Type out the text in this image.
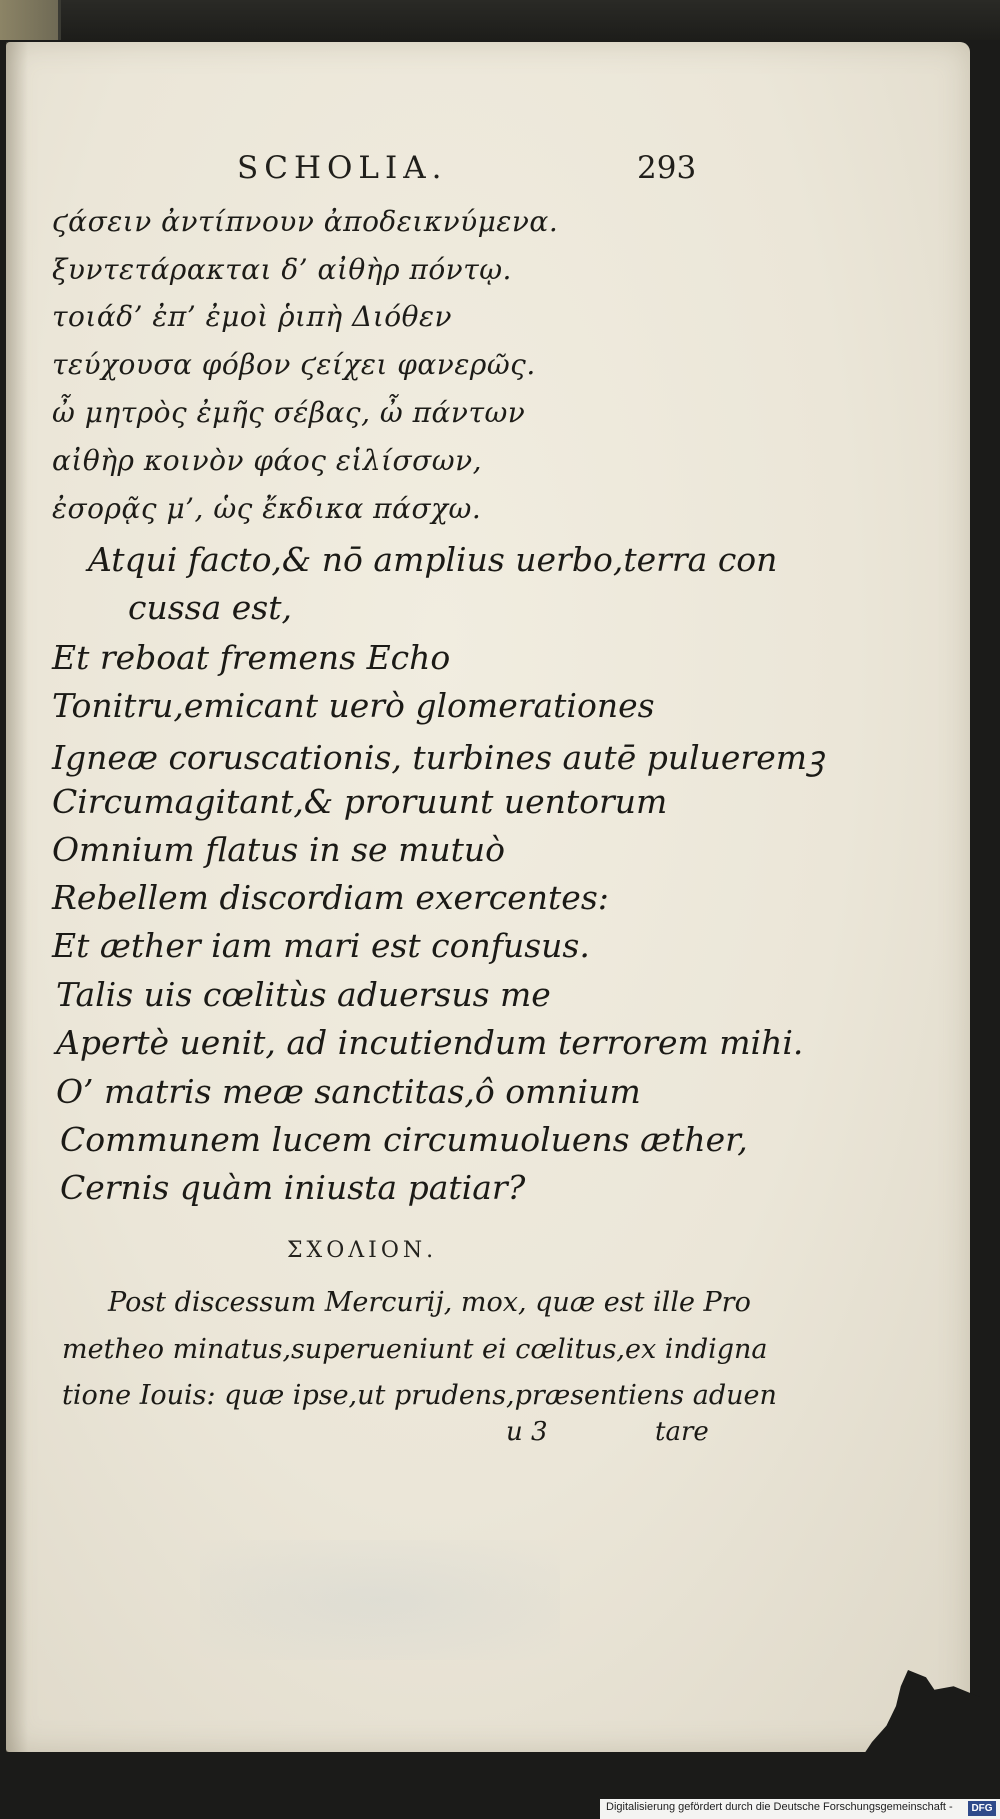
SCHOLIA.	293
ϛάσειν ἀντίπνουν ἀποδεικνύμενα.
ξυντετάρακται δ’ αἰθὴρ πόντῳ.
τοιάδ’ ἐπ’ ἐμοὶ ῥιπὴ Διόθεν
τεύχουσα φόβον ϛείχει φανερῶς.
ὦ μητρὸς ἐμῆς σέβας, ὦ πάντων
αἰθὴρ κοινὸν φάος εἱλίσσων,
ἐσορᾷς μ’, ὡς ἔκδικα πάσχω.
Atqui facto,& nō amplius uerbo,terra con
cussa est,
Et reboat fremens Echo
Tonitru,emicant uerò glomerationes
Igneæ coruscationis, turbines autē pulueremꝫ
Circumagitant,& proruunt uentorum
Omnium flatus in se mutuò
Rebellem discordiam exercentes:
Et æther iam mari est confusus.
Talis uis cœlitùs aduersus me
Apertè uenit, ad incutiendum terrorem mihi.
O’ matris meæ sanctitas,ô omnium
Communem lucem circumuoluens æther,
Cernis quàm iniusta patiar?
ΣΧΟΛΙΟΝ.
Post discessum Mercurij, mox, quæ est ille Pro
metheo minatus,superueniunt ei cœlitus,ex indigna
tione Iouis: quæ ipse,ut prudens,præsentiens aduen
u 3	tare
Digitalisierung gefördert durch die Deutsche Forschungsgemeinschaft -	DFG
